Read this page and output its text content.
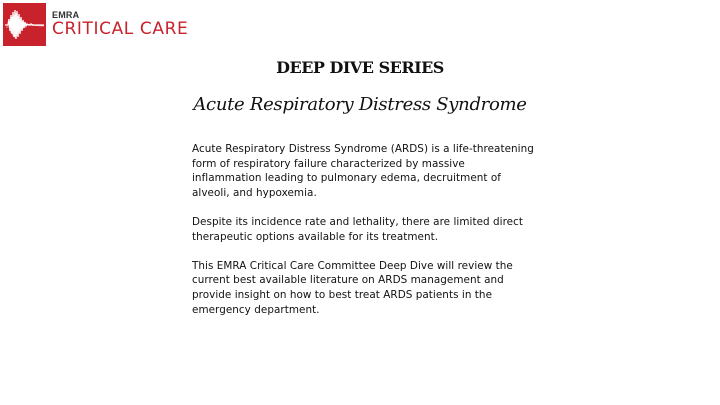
EMRA
CRITICAL CARE
DEEP DIVE SERIES
Acute Respiratory Distress Syndrome

Acute Respiratory Distress Syndrome (ARDS) is a life-threatening form of respiratory failure characterized by massive inflammation leading to pulmonary edema, decruitment of alveoli, and hypoxemia.

Despite its incidence rate and lethality, there are limited direct therapeutic options available for its treatment.

This EMRA Critical Care Committee Deep Dive will review the current best available literature on ARDS management and provide insight on how to best treat ARDS patients in the emergency department.
